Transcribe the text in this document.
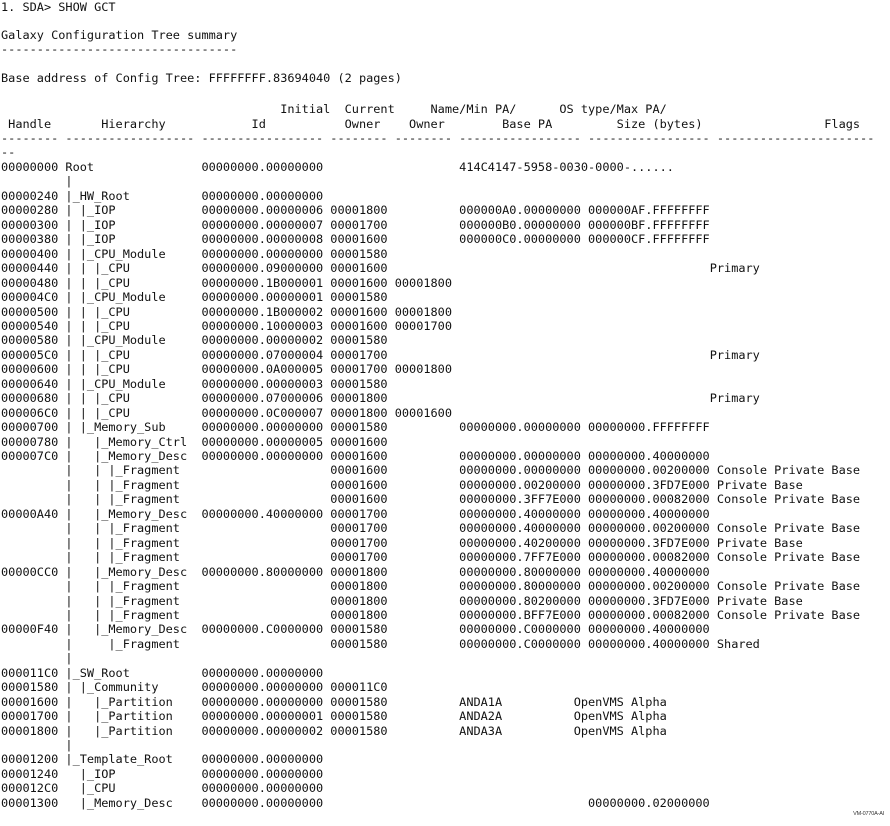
1. SDA> SHOW GCT
Galaxy Configuration Tree summary
---------------------------------
Base address of Config Tree: FFFFFFFF.83694040 (2 pages)
Initial  Current     Name/Min PA/      OS type/Max PA/
Handle       Hierarchy            Id           Owner    Owner        Base PA         Size (bytes)                 Flags
-------- ------------------ ----------------- -------- -------- ----------------- ----------------- ----------------------
--
00000000 Root               00000000.00000000                   414C4147-5958-0030-0000-......
|
00000240 |_HW_Root          00000000.00000000
00000280 | |_IOP            00000000.00000006 00001800          000000A0.00000000 000000AF.FFFFFFFF
00000300 | |_IOP            00000000.00000007 00001700          000000B0.00000000 000000BF.FFFFFFFF
00000380 | |_IOP            00000000.00000008 00001600          000000C0.00000000 000000CF.FFFFFFFF
00000400 | |_CPU_Module     00000000.00000000 00001580
00000440 | | |_CPU          00000000.09000000 00001600                                             Primary
00000480 | | |_CPU          00000000.1B000001 00001600 00001800
000004C0 | |_CPU_Module     00000000.00000001 00001580
00000500 | | |_CPU          00000000.1B000002 00001600 00001800
00000540 | | |_CPU          00000000.10000003 00001600 00001700
00000580 | |_CPU_Module     00000000.00000002 00001580
000005C0 | | |_CPU          00000000.07000004 00001700                                             Primary
00000600 | | |_CPU          00000000.0A000005 00001700 00001800
00000640 | |_CPU_Module     00000000.00000003 00001580
00000680 | | |_CPU          00000000.07000006 00001800                                             Primary
000006C0 | | |_CPU          00000000.0C000007 00001800 00001600
00000700 | |_Memory_Sub     00000000.00000000 00001580          00000000.00000000 00000000.FFFFFFFF
00000780 |   |_Memory_Ctrl  00000000.00000005 00001600
000007C0 |   |_Memory_Desc  00000000.00000000 00001600          00000000.00000000 00000000.40000000
|   | |_Fragment                     00001600          00000000.00000000 00000000.00200000 Console Private Base
|   | |_Fragment                     00001600          00000000.00200000 00000000.3FD7E000 Private Base
|   | |_Fragment                     00001600          00000000.3FF7E000 00000000.00082000 Console Private Base
00000A40 |   |_Memory_Desc  00000000.40000000 00001700          00000000.40000000 00000000.40000000
|   | |_Fragment                     00001700          00000000.40000000 00000000.00200000 Console Private Base
|   | |_Fragment                     00001700          00000000.40200000 00000000.3FD7E000 Private Base
|   | |_Fragment                     00001700          00000000.7FF7E000 00000000.00082000 Console Private Base
00000CC0 |   |_Memory_Desc  00000000.80000000 00001800          00000000.80000000 00000000.40000000
|   | |_Fragment                     00001800          00000000.80000000 00000000.00200000 Console Private Base
|   | |_Fragment                     00001800          00000000.80200000 00000000.3FD7E000 Private Base
|   | |_Fragment                     00001800          00000000.BFF7E000 00000000.00082000 Console Private Base
00000F40 |   |_Memory_Desc  00000000.C0000000 00001580          00000000.C0000000 00000000.40000000
|     |_Fragment                     00001580          00000000.C0000000 00000000.40000000 Shared
|
000011C0 |_SW_Root          00000000.00000000
00001580 | |_Community      00000000.00000000 000011C0
00001600 |   |_Partition    00000000.00000000 00001580          ANDA1A          OpenVMS Alpha
00001700 |   |_Partition    00000000.00000001 00001580          ANDA2A          OpenVMS Alpha
00001800 |   |_Partition    00000000.00000002 00001580          ANDA3A          OpenVMS Alpha
|
00001200 |_Template_Root    00000000.00000000
00001240   |_IOP            00000000.00000000
000012C0   |_CPU            00000000.00000000
00001300   |_Memory_Desc    00000000.00000000                                     00000000.02000000
VM-0770A-AI
